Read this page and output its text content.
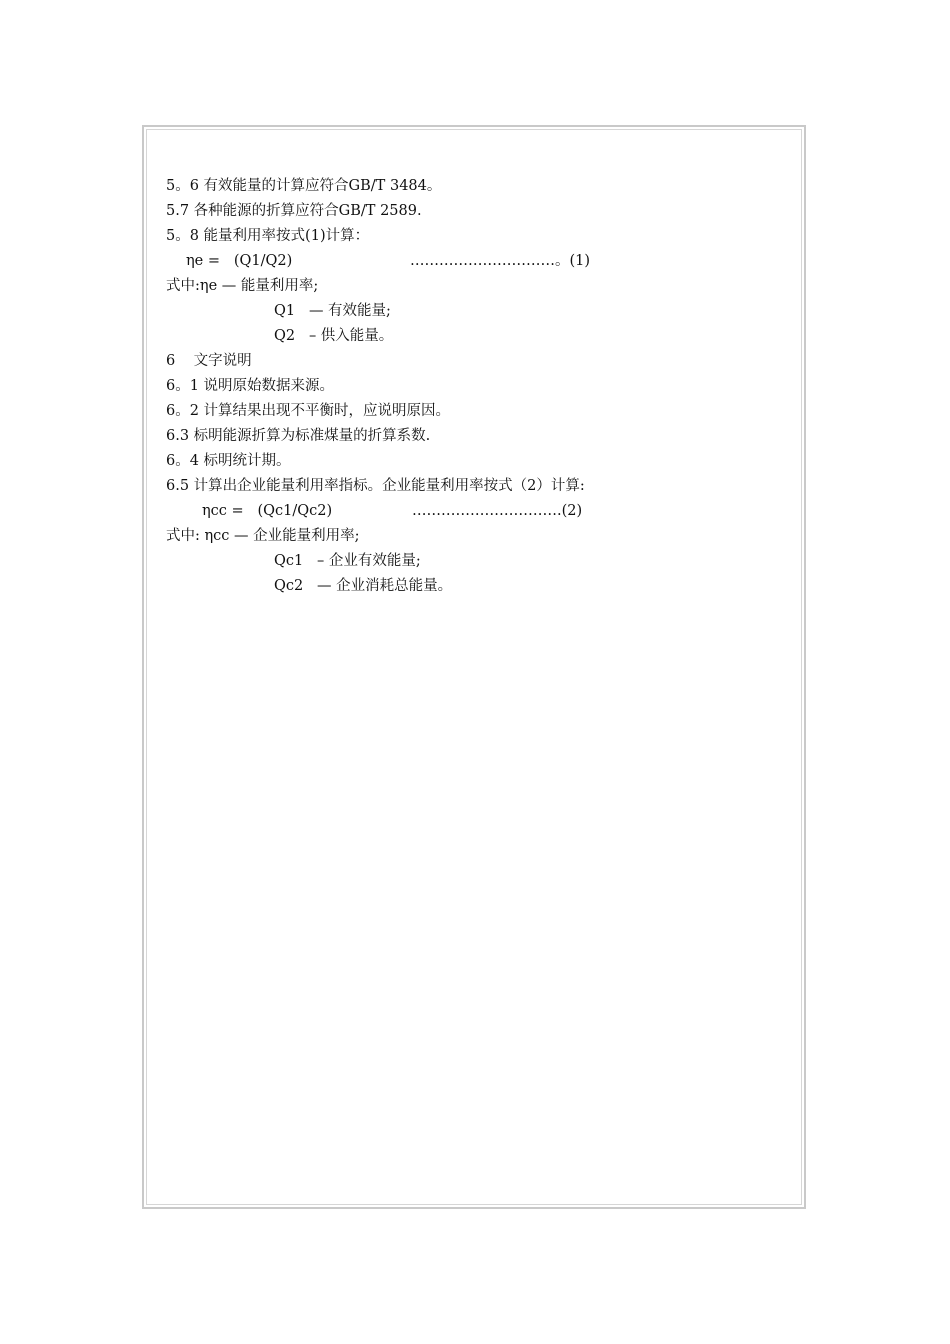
5。6 有效能量的计算应符合GB/T 3484。
5.7 各种能源的折算应符合GB/T 2589.
5。8 能量利用率按式(1)计算：
ηe =   (Q1/Q2)	…………………………。(1)
式中:ηe — 能量利用率;
Q1   — 有效能量;
Q2   – 供入能量。
6    文字说明
6。1 说明原始数据来源。
6。2 计算结果出现不平衡时，应说明原因。
6.3 标明能源折算为标准煤量的折算系数.
6。4 标明统计期。
6.5 计算出企业能量利用率指标。企业能量利用率按式（2）计算:
ηcc =   (Qc1/Qc2)	………………………….(2)
式中: ηcc — 企业能量利用率;
Qc1   – 企业有效能量;
Qc2   — 企业消耗总能量。
